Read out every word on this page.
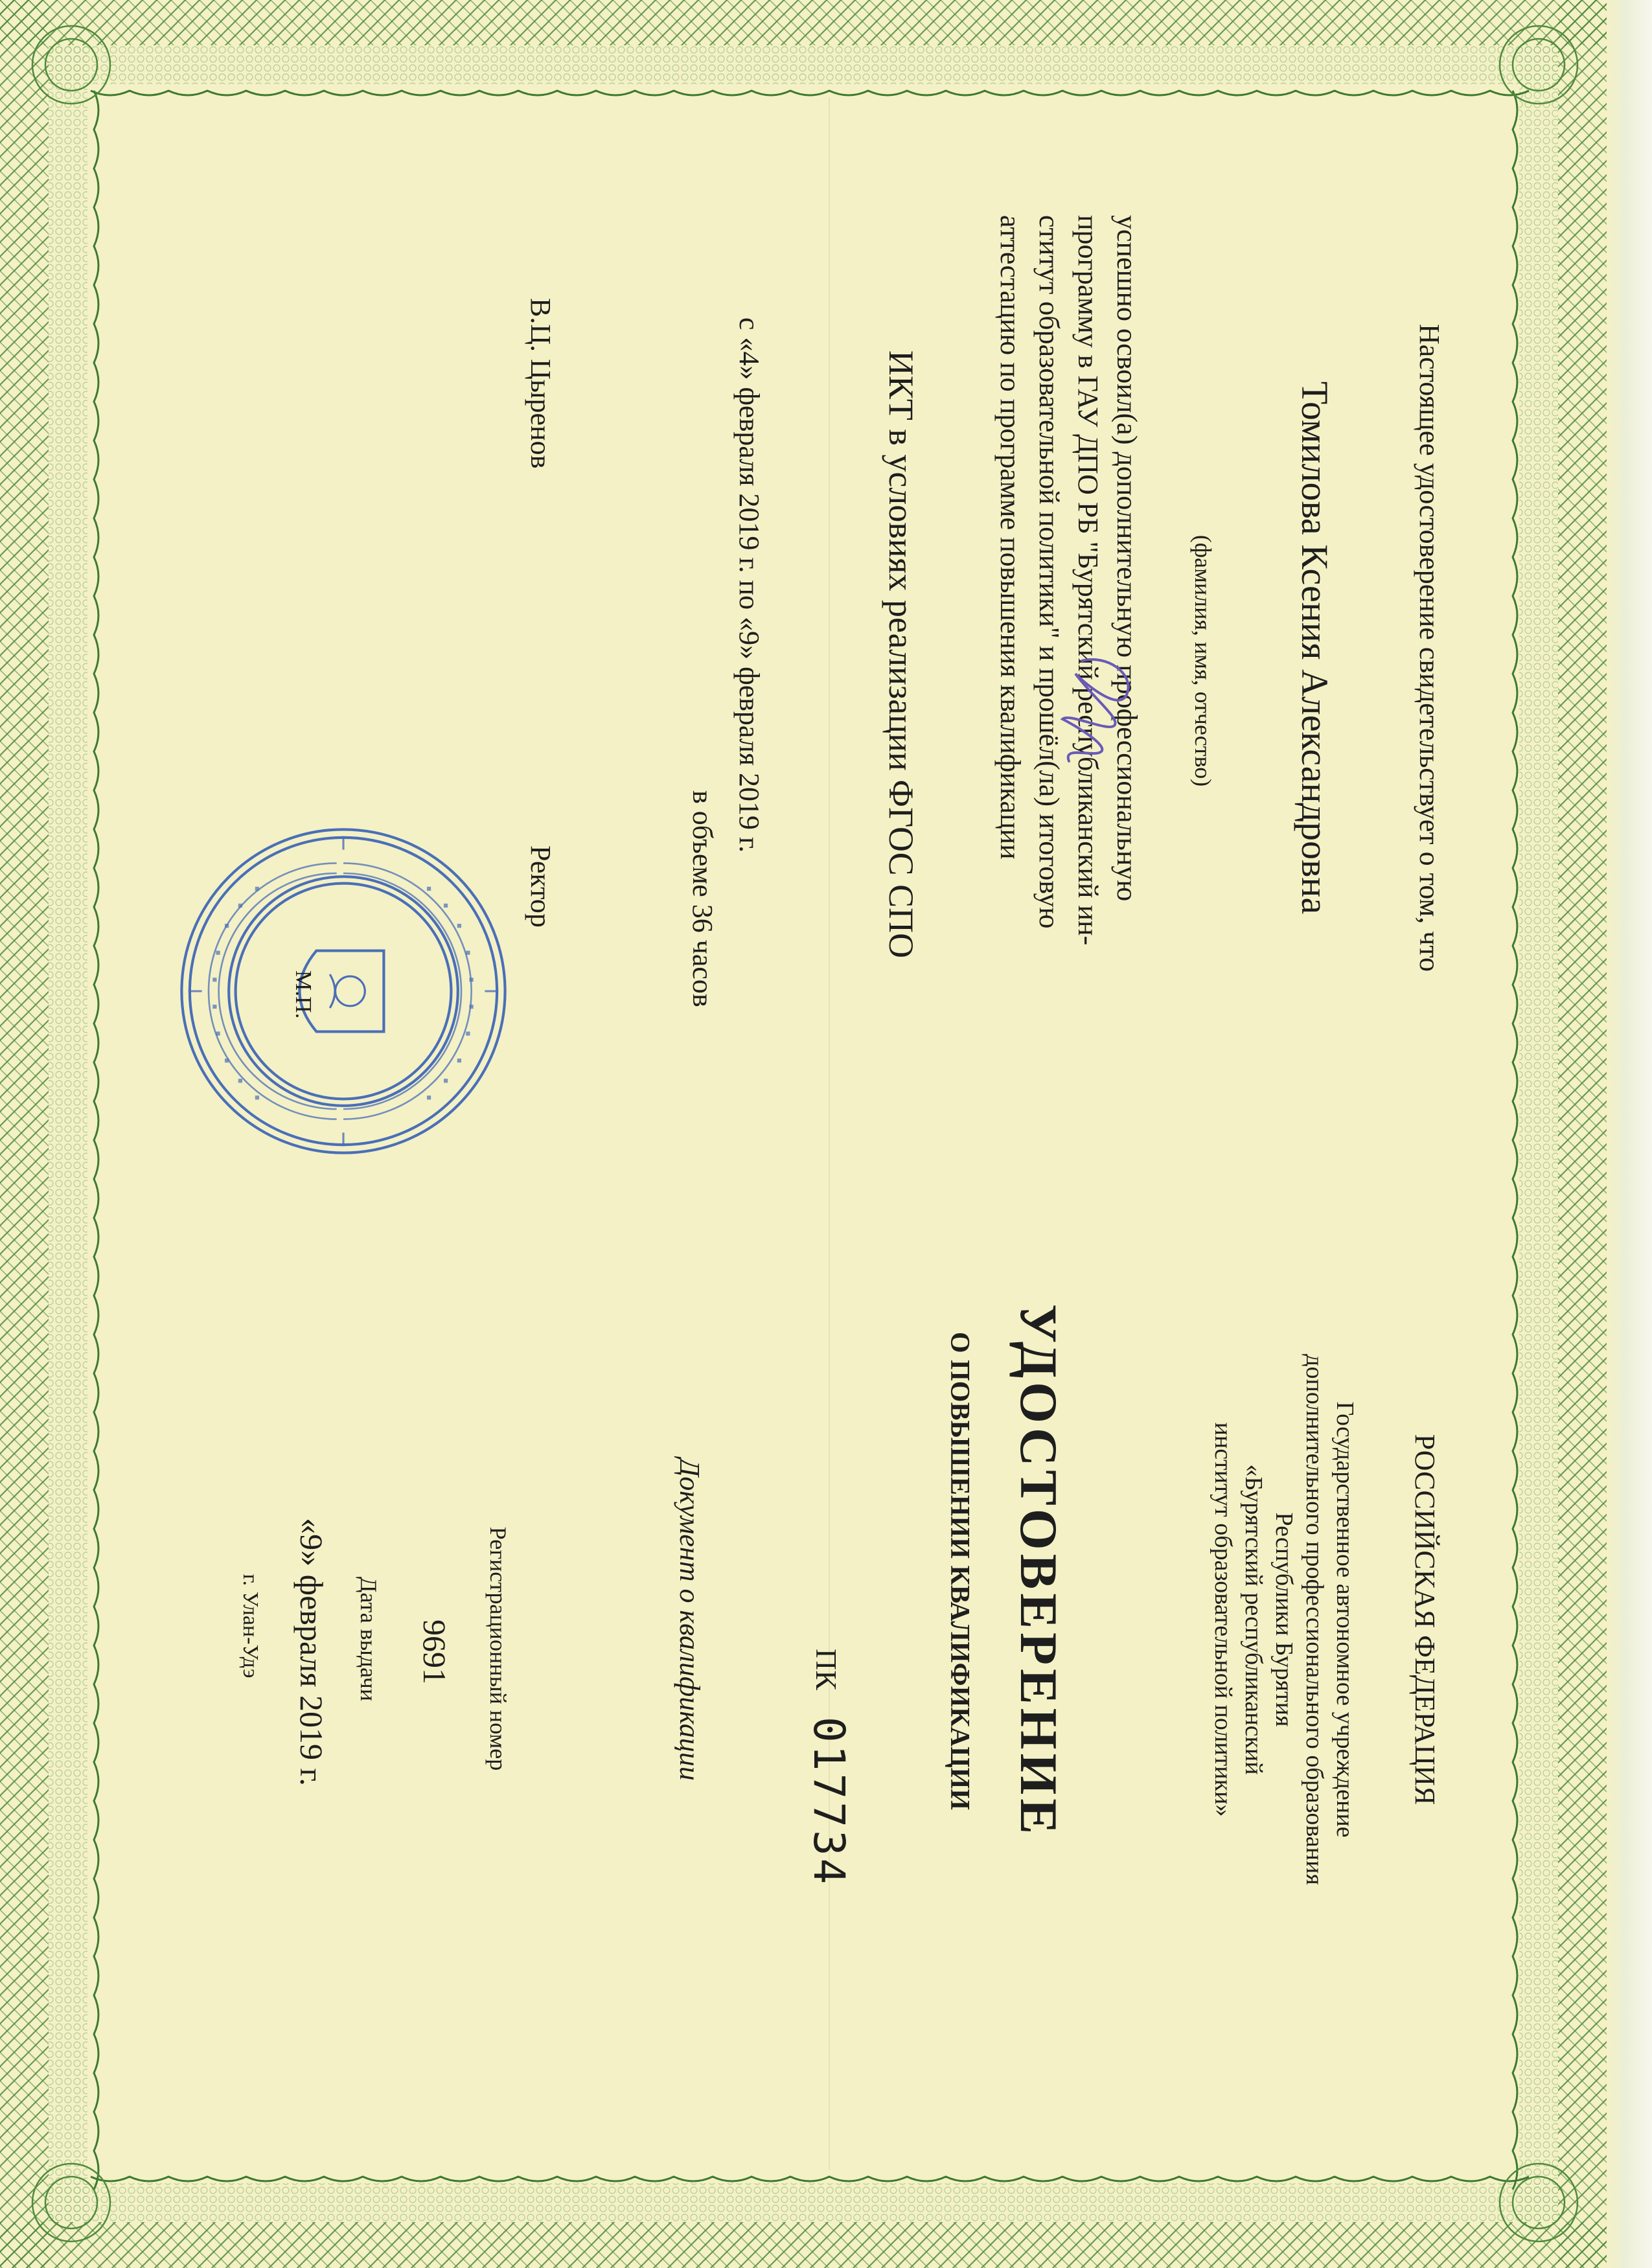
РОССИЙСКАЯ ФЕДЕРАЦИЯ
Государственное автономное учреждение
дополнительного профессионального образования
Республики Бурятия
«Бурятский республиканский
институт образовательной политики»
УДОСТОВЕРЕНИЕ
О ПОВЫШЕНИИ КВАЛИФИКАЦИИ
ПК
017734
Документ о квалификации
Регистрационный номер
9691
Дата выдачи
«9» февраля 2019 г.
г. Улан-Удэ
Настоящее удостоверение свидетельствует о том, что
Томилова Ксения Александровна
(фамилия, имя, отчество)
успешно освоил(а) дополнительную профессиональную
программу в ГАУ ДПО РБ "Бурятский республиканский ин-
ститут образовательной политики" и прошёл(ла) итоговую
аттестацию по программе повышения квалификации
ИКТ в условиях реализации ФГОС СПО
с «4» февраля 2019 г. по «9» февраля 2019 г.
в объеме 36 часов
Ректор
В.Ц. Цыренов
М.П.
